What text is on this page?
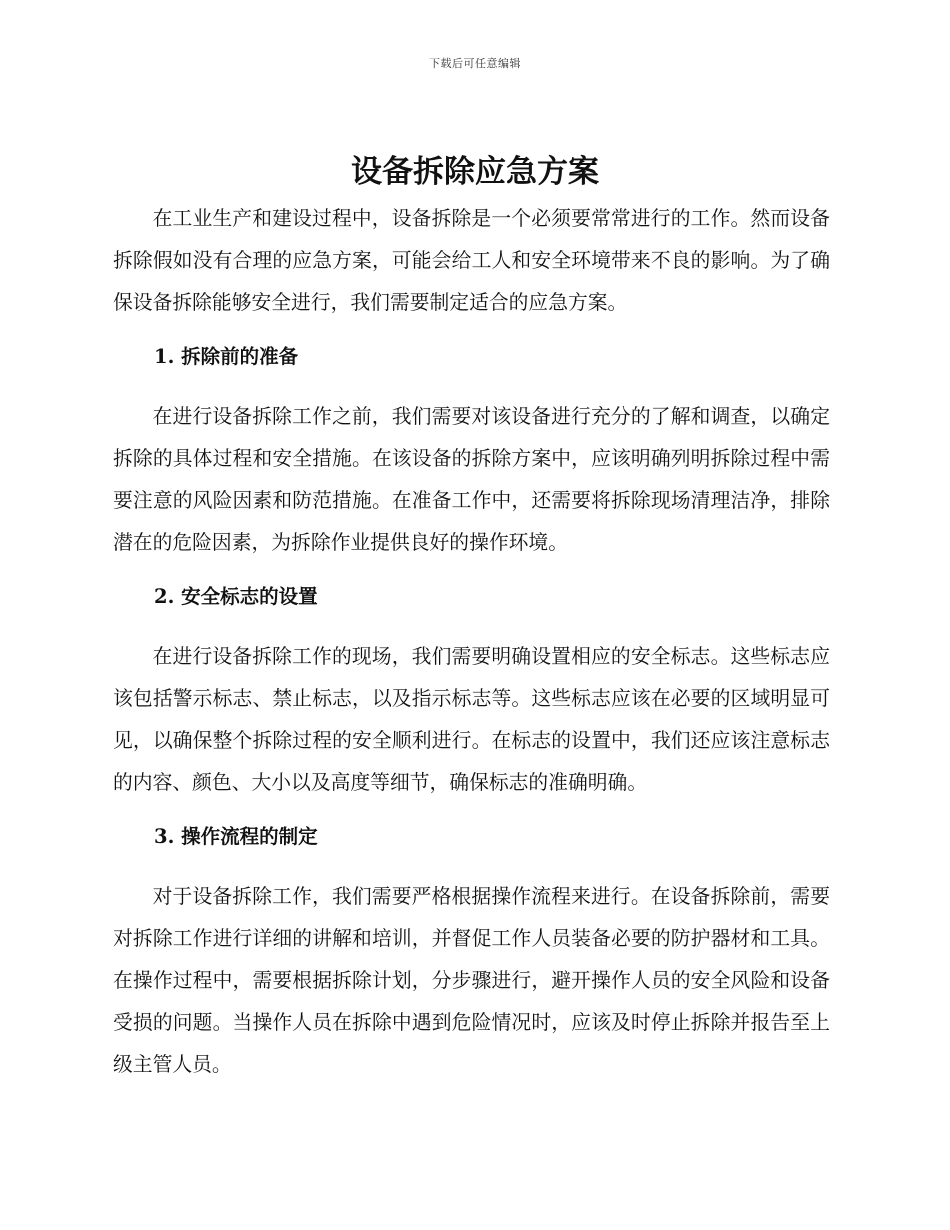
下载后可任意编辑
设备拆除应急方案

在工业生产和建设过程中，设备拆除是一个必须要常常进行的工作。然而设备拆除假如没有合理的应急方案，可能会给工人和安全环境带来不良的影响。为了确保设备拆除能够安全进行，我们需要制定适合的应急方案。

1. 拆除前的准备

在进行设备拆除工作之前，我们需要对该设备进行充分的了解和调查，以确定拆除的具体过程和安全措施。在该设备的拆除方案中，应该明确列明拆除过程中需要注意的风险因素和防范措施。在准备工作中，还需要将拆除现场清理洁净，排除潜在的危险因素，为拆除作业提供良好的操作环境。

2. 安全标志的设置

在进行设备拆除工作的现场，我们需要明确设置相应的安全标志。这些标志应该包括警示标志、禁止标志，以及指示标志等。这些标志应该在必要的区域明显可见，以确保整个拆除过程的安全顺利进行。在标志的设置中，我们还应该注意标志的内容、颜色、大小以及高度等细节，确保标志的准确明确。

3. 操作流程的制定

对于设备拆除工作，我们需要严格根据操作流程来进行。在设备拆除前，需要对拆除工作进行详细的讲解和培训，并督促工作人员装备必要的防护器材和工具。在操作过程中，需要根据拆除计划，分步骤进行，避开操作人员的安全风险和设备受损的问题。当操作人员在拆除中遇到危险情况时，应该及时停止拆除并报告至上级主管人员。
